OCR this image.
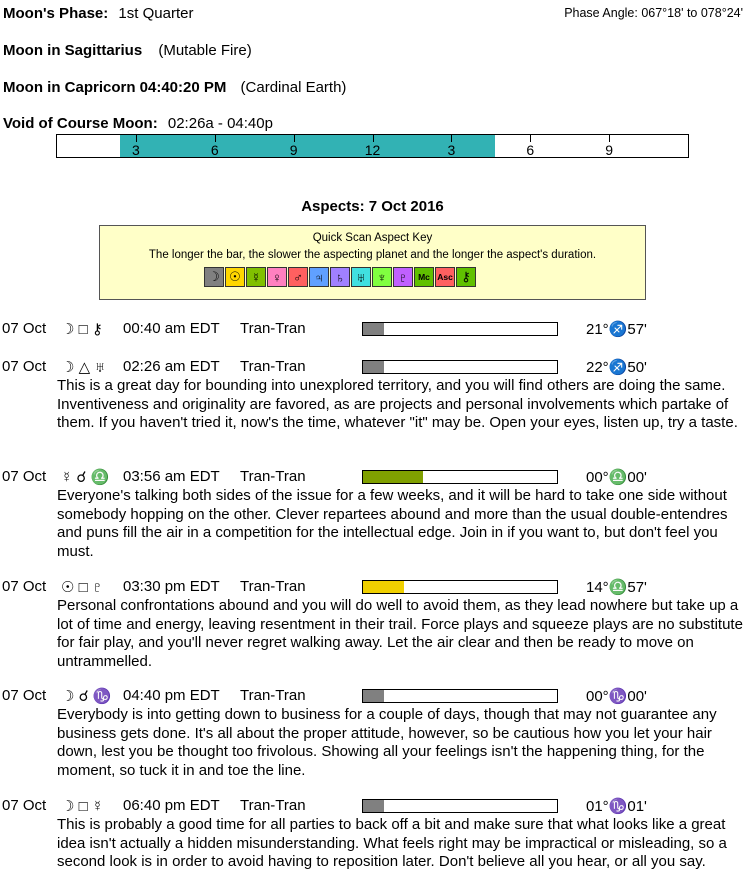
Moon's Phase: 1st Quarter	Phase Angle: 067°18' to 078°24'
Moon in Sagittarius (Mutable Fire)
Moon in Capricorn 04:40:20 PM (Cardinal Earth)
Void of Course Moon: 02:26a - 04:40p
3	6	9	12	3	6	9
Aspects: 7 Oct 2016
Quick Scan Aspect Key
The longer the bar, the slower the aspecting planet and the longer the aspect's duration.
☽ ☉ ☿ ♀ ♂ ♃ ♄ ♅ ♆ ♇	Mc Asc ⚷
07 Oct ☽ □ ⚷ 00:40 am EDT Tran-Tran	21°♐57'
07 Oct ☽ △ ♅ 02:26 am EDT Tran-Tran	22°♐50'
This is a great day for bounding into unexplored territory, and you will find others are doing the same. Inventiveness and originality are favored, as are projects and personal involvements which partake of them. If you haven't tried it, now's the time, whatever "it" may be. Open your eyes, listen up, try a taste.
07 Oct ☿ ☌ ♎ 03:56 am EDT Tran-Tran	00°♎00'
Everyone's talking both sides of the issue for a few weeks, and it will be hard to take one side without somebody hopping on the other. Clever repartees abound and more than the usual double-entendres and puns fill the air in a competition for the intellectual edge. Join in if you want to, but don't feel you must.
07 Oct ☉ □ ♇ 03:30 pm EDT Tran-Tran	14°♎57'
Personal confrontations abound and you will do well to avoid them, as they lead nowhere but take up a lot of time and energy, leaving resentment in their trail. Force plays and squeeze plays are no substitute for fair play, and you'll never regret walking away. Let the air clear and then be ready to move on untrammelled.
07 Oct ☽ ☌ ♑ 04:40 pm EDT Tran-Tran	00°♑00'
Everybody is into getting down to business for a couple of days, though that may not guarantee any business gets done. It's all about the proper attitude, however, so be cautious how you let your hair down, lest you be thought too frivolous. Showing all your feelings isn't the happening thing, for the moment, so tuck it in and toe the line.
07 Oct ☽ □ ☿ 06:40 pm EDT Tran-Tran	01°♑01'
This is probably a good time for all parties to back off a bit and make sure that what looks like a great idea isn't actually a hidden misunderstanding. What feels right may be impractical or misleading, so a second look is in order to avoid having to reposition later. Don't believe all you hear, or all you say.
